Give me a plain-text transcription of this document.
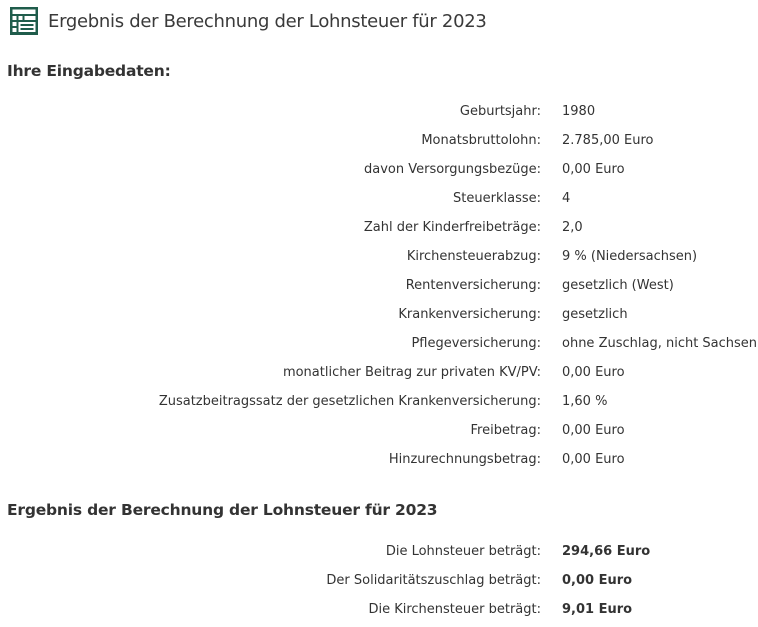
Ergebnis der Berechnung der Lohnsteuer für 2023
Ihre Eingabedaten:
Geburtsjahr: 1980
Monatsbruttolohn: 2.785,00 Euro
davon Versorgungsbezüge: 0,00 Euro
Steuerklasse: 4
Zahl der Kinderfreibeträge: 2,0
Kirchensteuerabzug: 9 % (Niedersachsen)
Rentenversicherung: gesetzlich (West)
Krankenversicherung: gesetzlich
Pflegeversicherung: ohne Zuschlag, nicht Sachsen
monatlicher Beitrag zur privaten KV/PV: 0,00 Euro
Zusatzbeitragssatz der gesetzlichen Krankenversicherung: 1,60 %
Freibetrag: 0,00 Euro
Hinzurechnungsbetrag: 0,00 Euro
Ergebnis der Berechnung der Lohnsteuer für 2023
Die Lohnsteuer beträgt: 294,66 Euro
Der Solidaritätszuschlag beträgt: 0,00 Euro
Die Kirchensteuer beträgt: 9,01 Euro
